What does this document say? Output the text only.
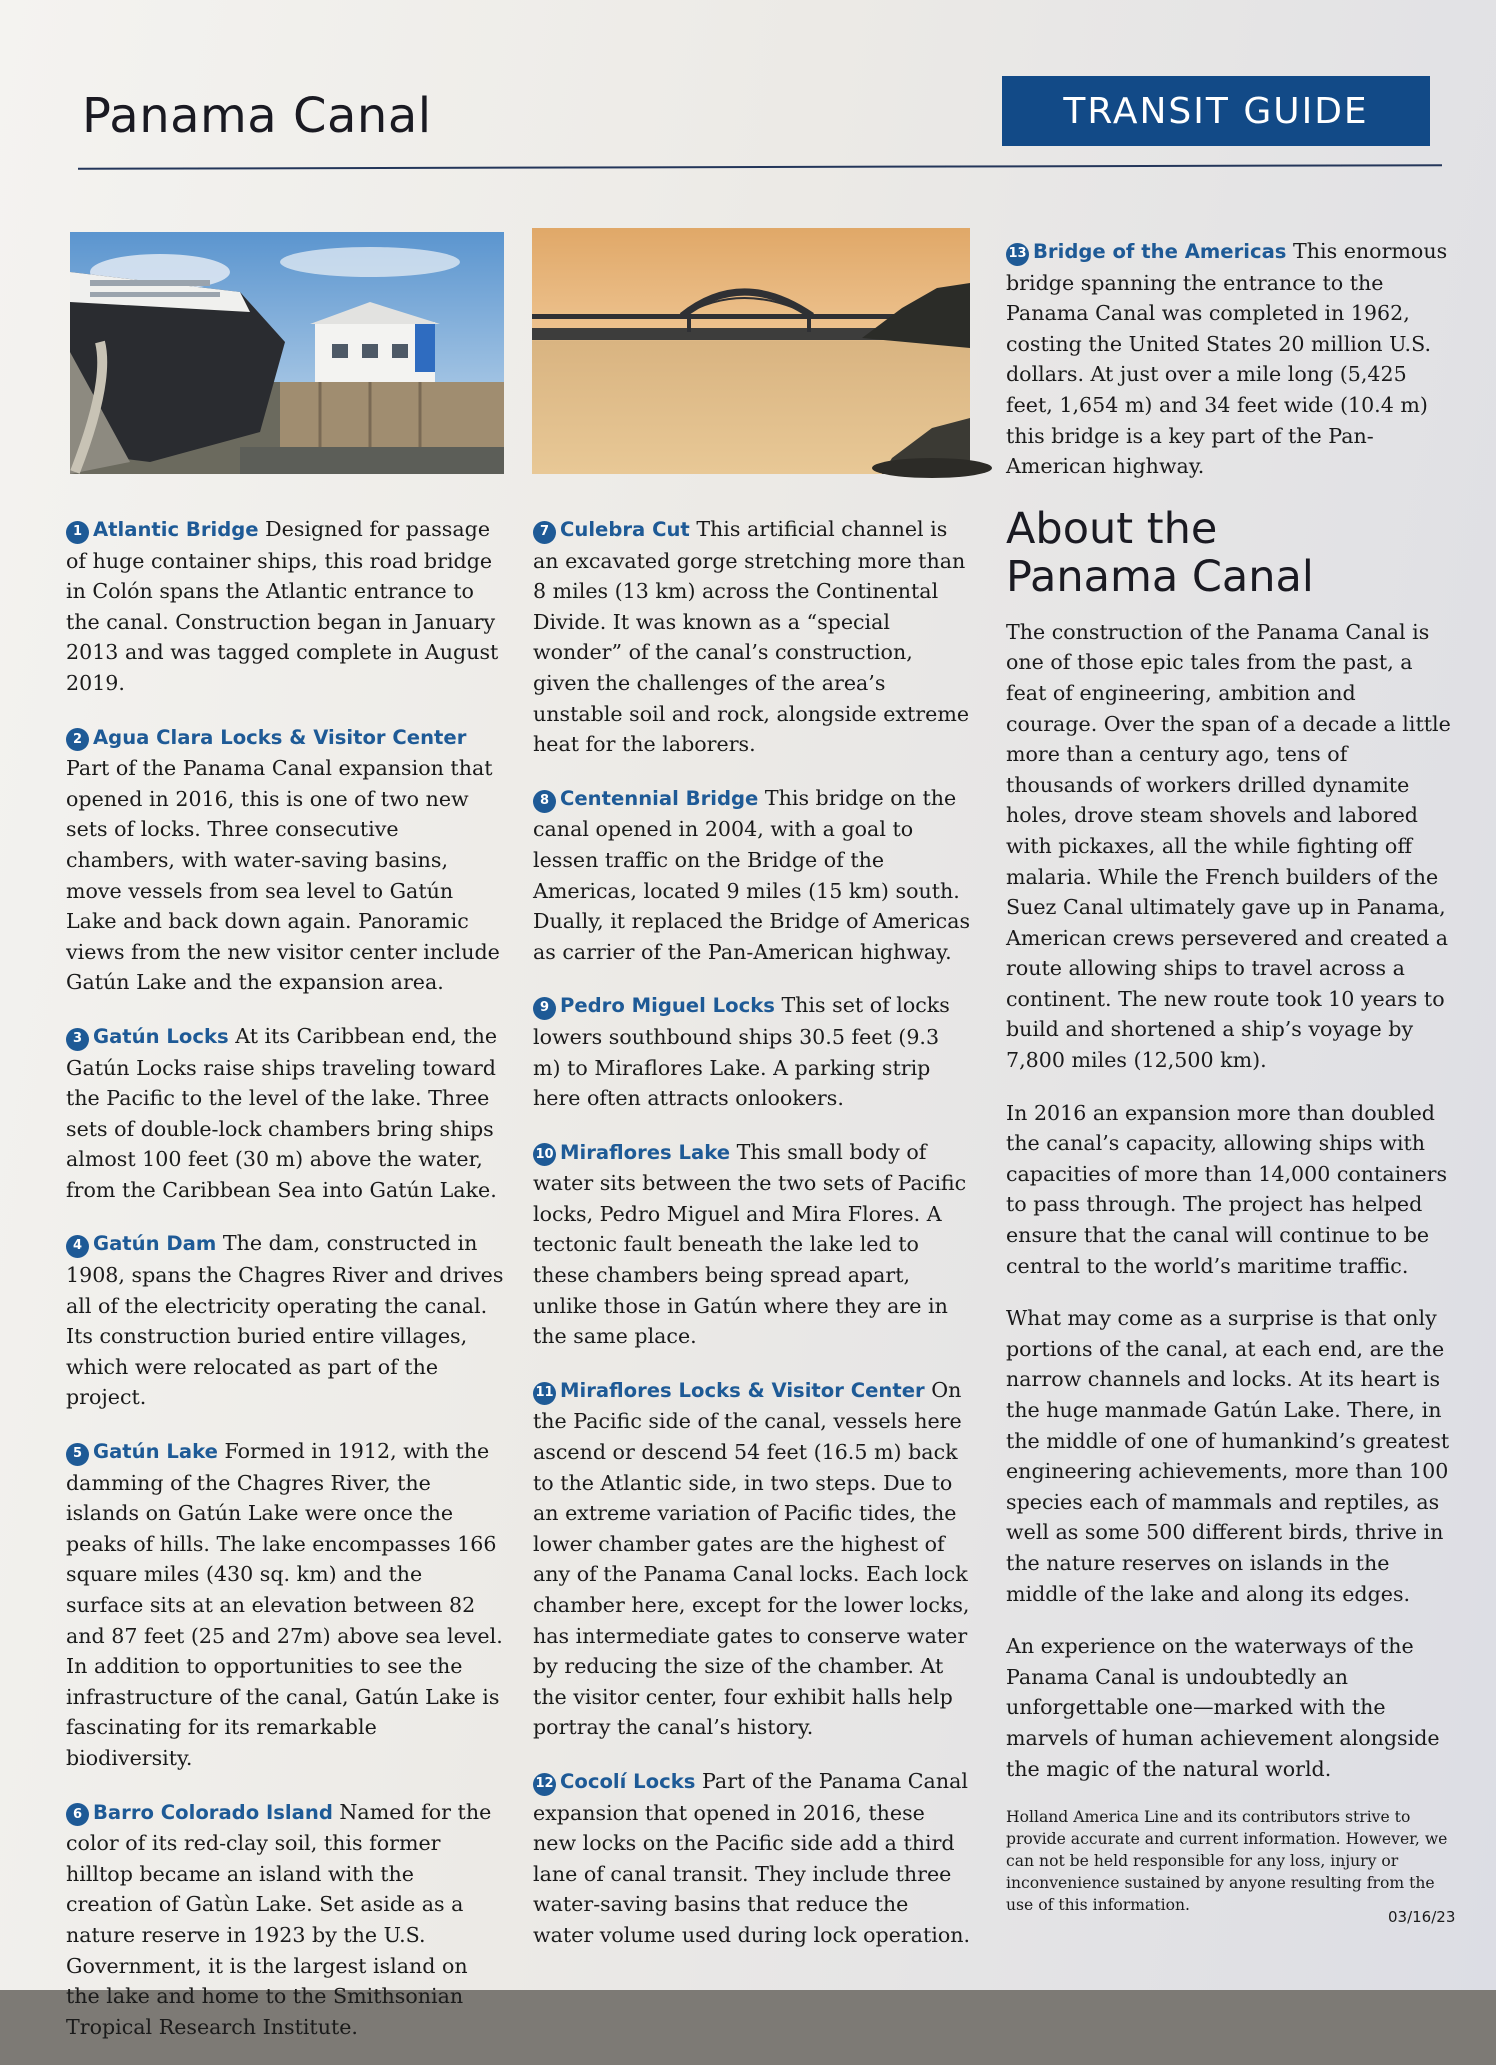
Panama Canal	TRANSIT GUIDE
1 Atlantic Bridge Designed for passage of huge container ships, this road bridge in Colón spans the Atlantic entrance to the canal. Construction began in January 2013 and was tagged complete in August 2019.
2 Agua Clara Locks & Visitor Center Part of the Panama Canal expansion that opened in 2016, this is one of two new sets of locks. Three consecutive chambers, with water-saving basins, move vessels from sea level to Gatún Lake and back down again. Panoramic views from the new visitor center include Gatún Lake and the expansion area.
3 Gatún Locks At its Caribbean end, the Gatún Locks raise ships traveling toward the Pacific to the level of the lake. Three sets of double-lock chambers bring ships almost 100 feet (30 m) above the water, from the Caribbean Sea into Gatún Lake.
4 Gatún Dam The dam, constructed in 1908, spans the Chagres River and drives all of the electricity operating the canal. Its construction buried entire villages, which were relocated as part of the project.
5 Gatún Lake Formed in 1912, with the damming of the Chagres River, the islands on Gatún Lake were once the peaks of hills. The lake encompasses 166 square miles (430 sq. km) and the surface sits at an elevation between 82 and 87 feet (25 and 27m) above sea level. In addition to opportunities to see the infrastructure of the canal, Gatún Lake is fascinating for its remarkable biodiversity.
6 Barro Colorado Island Named for the color of its red-clay soil, this former hilltop became an island with the creation of Gatùn Lake. Set aside as a nature reserve in 1923 by the U.S. Government, it is the largest island on the lake and home to the Smithsonian Tropical Research Institute.
7 Culebra Cut This artificial channel is an excavated gorge stretching more than 8 miles (13 km) across the Continental Divide. It was known as a “special wonder” of the canal’s construction, given the challenges of the area’s unstable soil and rock, alongside extreme heat for the laborers.
8 Centennial Bridge This bridge on the canal opened in 2004, with a goal to lessen traffic on the Bridge of the Americas, located 9 miles (15 km) south. Dually, it replaced the Bridge of Americas as carrier of the Pan-American highway.
9 Pedro Miguel Locks This set of locks lowers southbound ships 30.5 feet (9.3 m) to Miraflores Lake. A parking strip here often attracts onlookers.
10 Miraflores Lake This small body of water sits between the two sets of Pacific locks, Pedro Miguel and Mira Flores. A tectonic fault beneath the lake led to these chambers being spread apart, unlike those in Gatún where they are in the same place.
11 Miraflores Locks & Visitor Center On the Pacific side of the canal, vessels here ascend or descend 54 feet (16.5 m) back to the Atlantic side, in two steps. Due to an extreme variation of Pacific tides, the lower chamber gates are the highest of any of the Panama Canal locks. Each lock chamber here, except for the lower locks, has intermediate gates to conserve water by reducing the size of the chamber. At the visitor center, four exhibit halls help portray the canal’s history.
12 Cocolí Locks Part of the Panama Canal expansion that opened in 2016, these new locks on the Pacific side add a third lane of canal transit. They include three water-saving basins that reduce the water volume used during lock operation.
13 Bridge of the Americas This enormous bridge spanning the entrance to the Panama Canal was completed in 1962, costing the United States 20 million U.S. dollars. At just over a mile long (5,425 feet, 1,654 m) and 34 feet wide (10.4 m) this bridge is a key part of the Pan-American highway.
About the Panama Canal
The construction of the Panama Canal is one of those epic tales from the past, a feat of engineering, ambition and courage. Over the span of a decade a little more than a century ago, tens of thousands of workers drilled dynamite holes, drove steam shovels and labored with pickaxes, all the while fighting off malaria. While the French builders of the Suez Canal ultimately gave up in Panama, American crews persevered and created a route allowing ships to travel across a continent. The new route took 10 years to build and shortened a ship’s voyage by 7,800 miles (12,500 km).
In 2016 an expansion more than doubled the canal’s capacity, allowing ships with capacities of more than 14,000 containers to pass through. The project has helped ensure that the canal will continue to be central to the world’s maritime traffic.
What may come as a surprise is that only portions of the canal, at each end, are the narrow channels and locks. At its heart is the huge manmade Gatún Lake. There, in the middle of one of humankind’s greatest engineering achievements, more than 100 species each of mammals and reptiles, as well as some 500 different birds, thrive in the nature reserves on islands in the middle of the lake and along its edges.
An experience on the waterways of the Panama Canal is undoubtedly an unforgettable one—marked with the marvels of human achievement alongside the magic of the natural world.
Holland America Line and its contributors strive to provide accurate and current information. However, we can not be held responsible for any loss, injury or inconvenience sustained by anyone resulting from the use of this information.
03/16/23
